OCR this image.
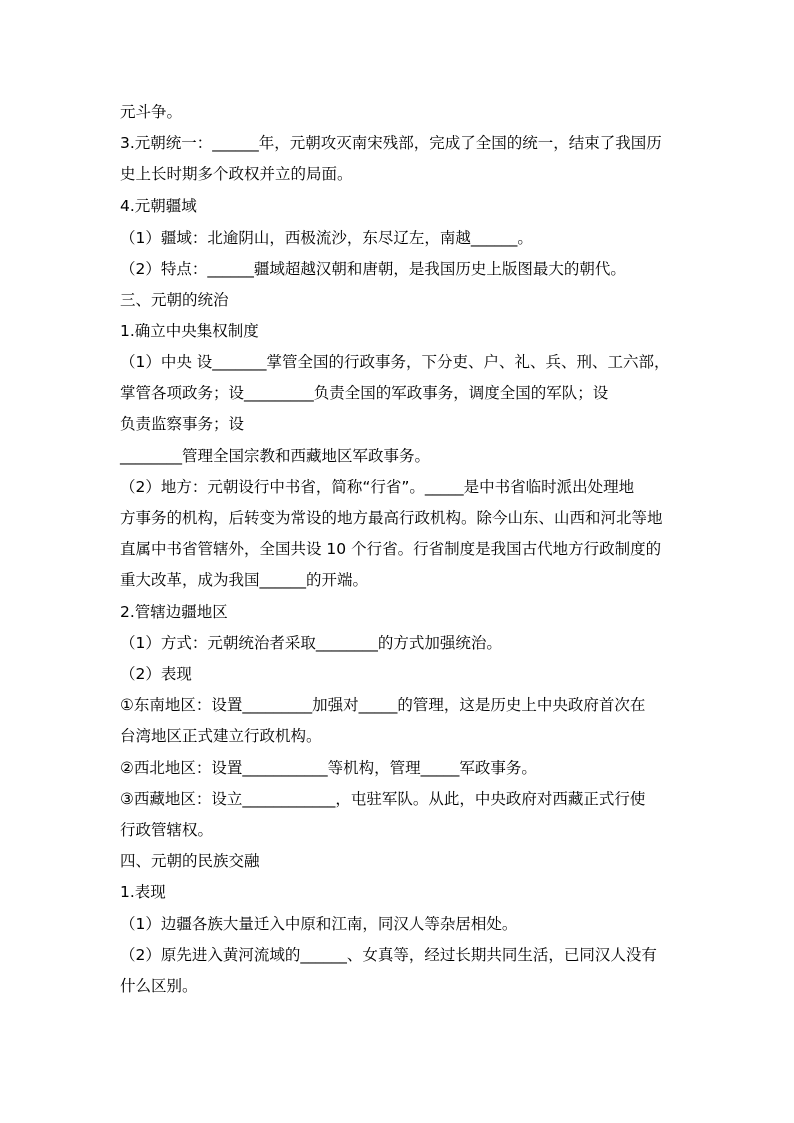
元斗争。
3.元朝统一：______年，元朝攻灭南宋残部，完成了全国的统一，结束了我国历
史上长时期多个政权并立的局面。
4.元朝疆域
（1）疆域：北逾阴山，西极流沙，东尽辽左，南越______。
（2）特点：______疆域超越汉朝和唐朝，是我国历史上版图最大的朝代。
三、元朝的统治
1.确立中央集权制度
（1）中央 设_______掌管全国的行政事务，下分吏、户、礼、兵、刑、工六部，
掌管各项政务；设_________负责全国的军政事务，调度全国的军队；设
负责监察事务；设
________管理全国宗教和西藏地区军政事务。
（2）地方：元朝设行中书省，简称“行省”。_____是中书省临时派出处理地
方事务的机构，后转变为常设的地方最高行政机构。除今山东、山西和河北等地
直属中书省管辖外，全国共设 10 个行省。行省制度是我国古代地方行政制度的
重大改革，成为我国______的开端。
2.管辖边疆地区
（1）方式：元朝统治者采取________的方式加强统治。
（2）表现
①东南地区：设置_________加强对_____的管理，这是历史上中央政府首次在
台湾地区正式建立行政机构。
②西北地区：设置___________等机构，管理_____军政事务。
③西藏地区：设立____________，屯驻军队。从此，中央政府对西藏正式行使
行政管辖权。
四、元朝的民族交融
1.表现
（1）边疆各族大量迁入中原和江南，同汉人等杂居相处。
（2）原先进入黄河流域的______、女真等，经过长期共同生活，已同汉人没有
什么区别。
